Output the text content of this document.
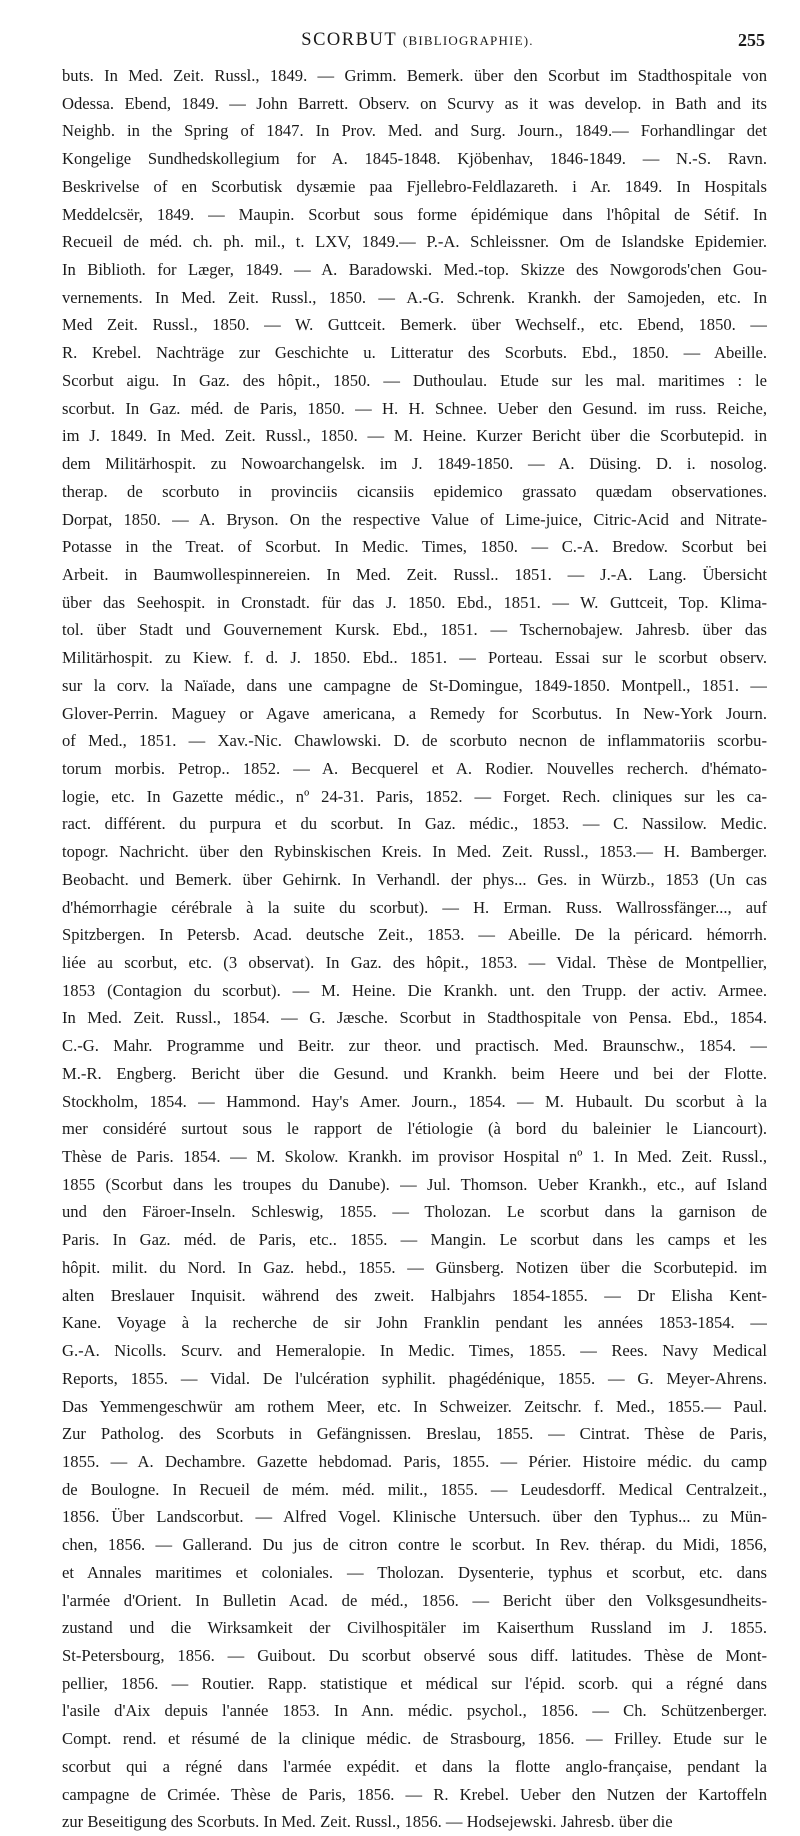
SCORBUT (BIBLIOGRAPHIE).	255
buts. In Med. Zeit. Russl., 1849. — Grimm. Bemerk. über den Scorbut im Stadthospitale von
Odessa. Ebend, 1849. — John Barrett. Observ. on Scurvy as it was develop. in Bath and its
Neighb. in the Spring of 1847. In Prov. Med. and Surg. Journ., 1849.— Forhandlingar det
Kongelige Sundhedskollegium for A. 1845-1848. Kjöbenhav, 1846-1849. — N.-S. Ravn.
Beskrivelse of en Scorbutisk dysæmie paa Fjellebro-Feldlazareth. i Ar. 1849. In Hospitals
Meddelcsër, 1849. — Maupin. Scorbut sous forme épidémique dans l'hôpital de Sétif. In
Recueil de méd. ch. ph. mil., t. LXV, 1849.— P.-A. Schleissner. Om de Islandske Epidemier.
In Biblioth. for Læger, 1849. — A. Baradowski. Med.-top. Skizze des Nowgorods'chen Gou-
vernements. In Med. Zeit. Russl., 1850. — A.-G. Schrenk. Krankh. der Samojeden, etc. In
Med Zeit. Russl., 1850. — W. Guttceit. Bemerk. über Wechself., etc. Ebend, 1850. —
R. Krebel. Nachträge zur Geschichte u. Litteratur des Scorbuts. Ebd., 1850. — Abeille.
Scorbut aigu. In Gaz. des hôpit., 1850. — Duthoulau. Etude sur les mal. maritimes : le
scorbut. In Gaz. méd. de Paris, 1850. — H. H. Schnee. Ueber den Gesund. im russ. Reiche,
im J. 1849. In Med. Zeit. Russl., 1850. — M. Heine. Kurzer Bericht über die Scorbutepid. in
dem Militärhospit. zu Nowoarchangelsk. im J. 1849-1850. — A. Düsing. D. i. nosolog.
therap. de scorbuto in provinciis cicansiis epidemico grassato quædam observationes.
Dorpat, 1850. — A. Bryson. On the respective Value of Lime-juice, Citric-Acid and Nitrate-
Potasse in the Treat. of Scorbut. In Medic. Times, 1850. — C.-A. Bredow. Scorbut bei
Arbeit. in Baumwollespinnereien. In Med. Zeit. Russl.. 1851. — J.-A. Lang. Übersicht
über das Seehospit. in Cronstadt. für das J. 1850. Ebd., 1851. — W. Guttceit, Top. Klima-
tol. über Stadt und Gouvernement Kursk. Ebd., 1851. — Tschernobajew. Jahresb. über das
Militärhospit. zu Kiew. f. d. J. 1850. Ebd.. 1851. — Porteau. Essai sur le scorbut observ.
sur la corv. la Naïade, dans une campagne de St-Domingue, 1849-1850. Montpell., 1851. —
Glover-Perrin. Maguey or Agave americana, a Remedy for Scorbutus. In New-York Journ.
of Med., 1851. — Xav.-Nic. Chawlowski. D. de scorbuto necnon de inflammatoriis scorbu-
torum morbis. Petrop.. 1852. — A. Becquerel et A. Rodier. Nouvelles recherch. d'hémato-
logie, etc. In Gazette médic., nº 24-31. Paris, 1852. — Forget. Rech. cliniques sur les ca-
ract. différent. du purpura et du scorbut. In Gaz. médic., 1853. — C. Nassilow. Medic.
topogr. Nachricht. über den Rybinskischen Kreis. In Med. Zeit. Russl., 1853.— H. Bamberger.
Beobacht. und Bemerk. über Gehirnk. In Verhandl. der phys... Ges. in Würzb., 1853 (Un cas
d'hémorrhagie cérébrale à la suite du scorbut). — H. Erman. Russ. Wallrossfänger..., auf
Spitzbergen. In Petersb. Acad. deutsche Zeit., 1853. — Abeille. De la péricard. hémorrh.
liée au scorbut, etc. (3 observat). In Gaz. des hôpit., 1853. — Vidal. Thèse de Montpellier,
1853 (Contagion du scorbut). — M. Heine. Die Krankh. unt. den Trupp. der activ. Armee.
In Med. Zeit. Russl., 1854. — G. Jæsche. Scorbut in Stadthospitale von Pensa. Ebd., 1854.
C.-G. Mahr. Programme und Beitr. zur theor. und practisch. Med. Braunschw., 1854. —
M.-R. Engberg. Bericht über die Gesund. und Krankh. beim Heere und bei der Flotte.
Stockholm, 1854. — Hammond. Hay's Amer. Journ., 1854. — M. Hubault. Du scorbut à la
mer considéré surtout sous le rapport de l'étiologie (à bord du baleinier le Liancourt).
Thèse de Paris. 1854. — M. Skolow. Krankh. im provisor Hospital nº 1. In Med. Zeit. Russl.,
1855 (Scorbut dans les troupes du Danube). — Jul. Thomson. Ueber Krankh., etc., auf Island
und den Färoer-Inseln. Schleswig, 1855. — Tholozan. Le scorbut dans la garnison de
Paris. In Gaz. méd. de Paris, etc.. 1855. — Mangin. Le scorbut dans les camps et les
hôpit. milit. du Nord. In Gaz. hebd., 1855. — Günsberg. Notizen über die Scorbutepid. im
alten Breslauer Inquisit. während des zweit. Halbjahrs 1854-1855. — Dr Elisha Kent-
Kane. Voyage à la recherche de sir John Franklin pendant les années 1853-1854. —
G.-A. Nicolls. Scurv. and Hemeralopie. In Medic. Times, 1855. — Rees. Navy Medical
Reports, 1855. — Vidal. De l'ulcération syphilit. phagédénique, 1855. — G. Meyer-Ahrens.
Das Yemmengeschwür am rothem Meer, etc. In Schweizer. Zeitschr. f. Med., 1855.— Paul.
Zur Patholog. des Scorbuts in Gefängnissen. Breslau, 1855. — Cintrat. Thèse de Paris,
1855. — A. Dechambre. Gazette hebdomad. Paris, 1855. — Périer. Histoire médic. du camp
de Boulogne. In Recueil de mém. méd. milit., 1855. — Leudesdorff. Medical Centralzeit.,
1856. Über Landscorbut. — Alfred Vogel. Klinische Untersuch. über den Typhus... zu Mün-
chen, 1856. — Gallerand. Du jus de citron contre le scorbut. In Rev. thérap. du Midi, 1856,
et Annales maritimes et coloniales. — Tholozan. Dysenterie, typhus et scorbut, etc. dans
l'armée d'Orient. In Bulletin Acad. de méd., 1856. — Bericht über den Volksgesundheits-
zustand und die Wirksamkeit der Civilhospitäler im Kaiserthum Russland im J. 1855.
St-Petersbourg, 1856. — Guibout. Du scorbut observé sous diff. latitudes. Thèse de Mont-
pellier, 1856. — Routier. Rapp. statistique et médical sur l'épid. scorb. qui a régné dans
l'asile d'Aix depuis l'année 1853. In Ann. médic. psychol., 1856. — Ch. Schützenberger.
Compt. rend. et résumé de la clinique médic. de Strasbourg, 1856. — Frilley. Etude sur le
scorbut qui a régné dans l'armée expédit. et dans la flotte anglo-française, pendant la
campagne de Crimée. Thèse de Paris, 1856. — R. Krebel. Ueber den Nutzen der Kartoffeln
zur Beseitigung des Scorbuts. In Med. Zeit. Russl., 1856. — Hodsejewski. Jahresb. über die
